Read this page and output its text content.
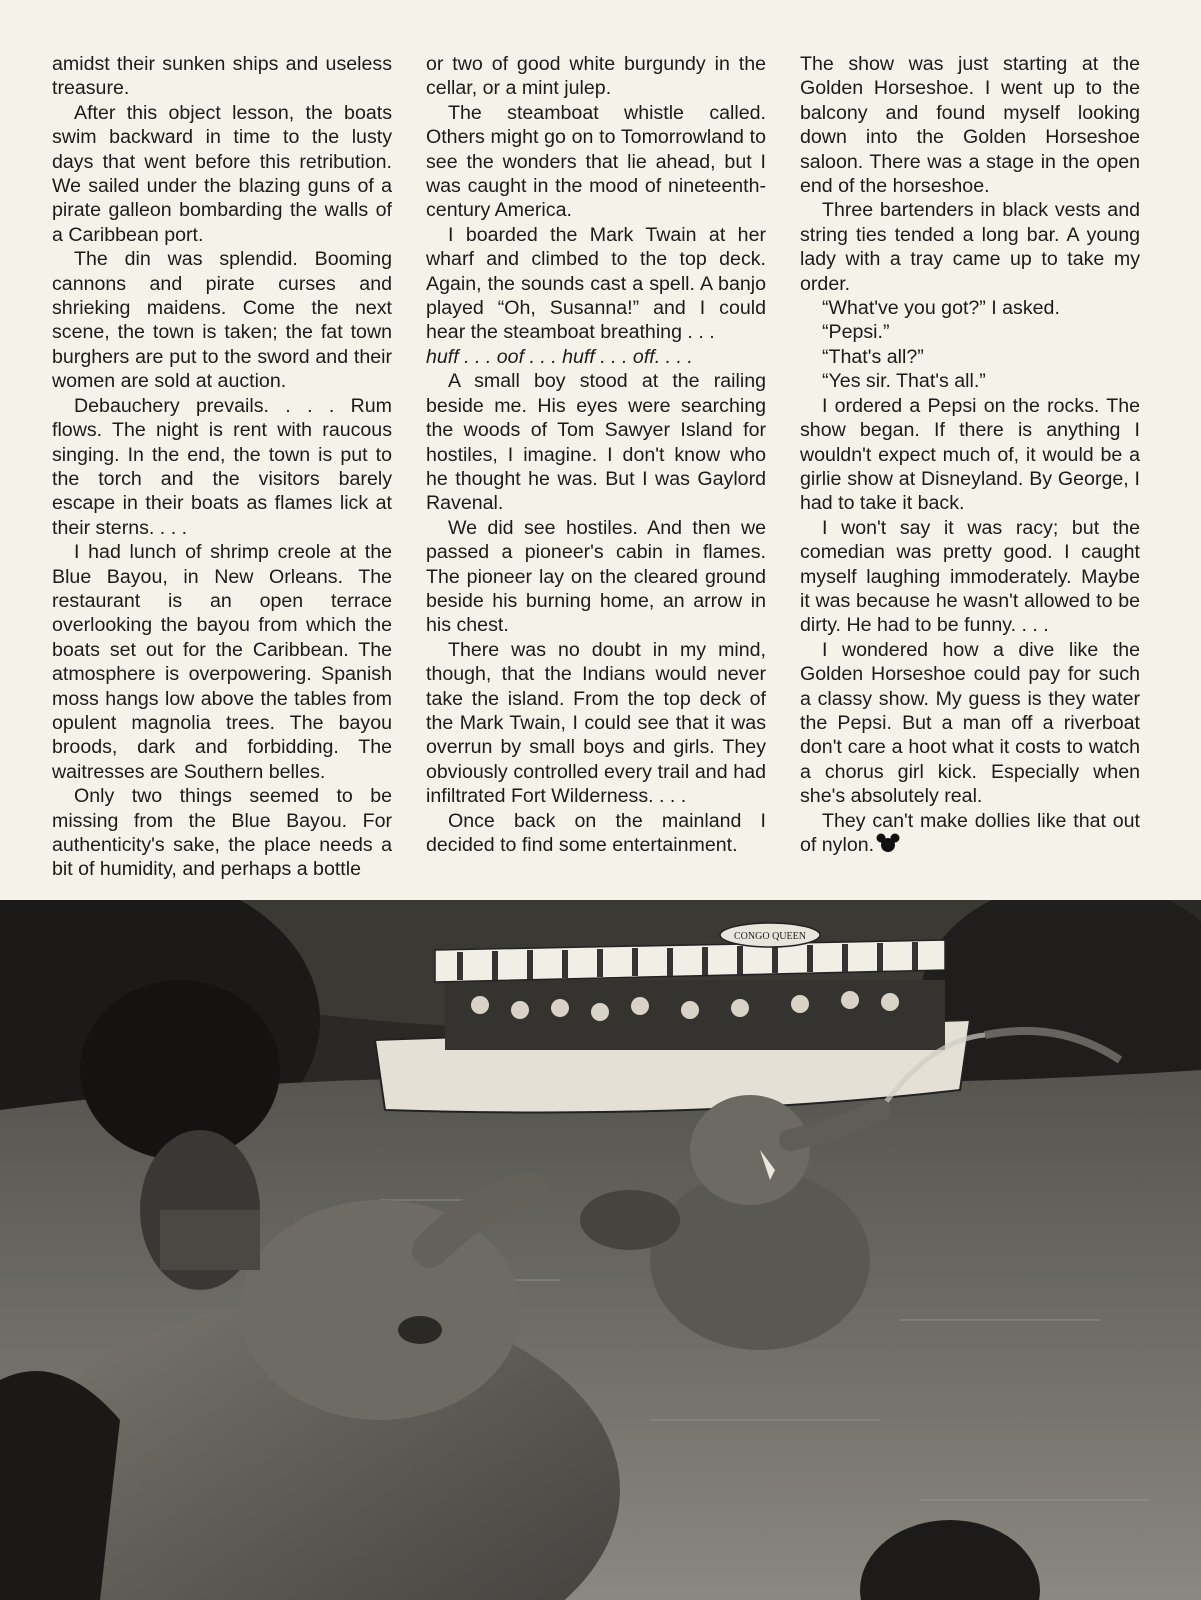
amidst their sunken ships and useless treasure.

After this object lesson, the boats swim backward in time to the lusty days that went before this retribution. We sailed under the blazing guns of a pirate galleon bombarding the walls of a Caribbean port.

The din was splendid. Booming cannons and pirate curses and shrieking maidens. Come the next scene, the town is taken; the fat town burghers are put to the sword and their women are sold at auction.

Debauchery prevails. . . . Rum flows. The night is rent with raucous singing. In the end, the town is put to the torch and the visitors barely escape in their boats as flames lick at their sterns. . . .

I had lunch of shrimp creole at the Blue Bayou, in New Orleans. The restaurant is an open terrace overlooking the bayou from which the boats set out for the Caribbean. The atmosphere is overpowering. Spanish moss hangs low above the tables from opulent magnolia trees. The bayou broods, dark and forbidding. The waitresses are Southern belles.

Only two things seemed to be missing from the Blue Bayou. For authenticity's sake, the place needs a bit of humidity, and perhaps a bottle

or two of good white burgundy in the cellar, or a mint julep.

The steamboat whistle called. Others might go on to Tomorrowland to see the wonders that lie ahead, but I was caught in the mood of nineteenth-century America.

I boarded the Mark Twain at her wharf and climbed to the top deck. Again, the sounds cast a spell. A banjo played “Oh, Susanna!” and I could hear the steamboat breathing . . .

huff . . . oof . . . huff . . . off. . . .

A small boy stood at the railing beside me. His eyes were searching the woods of Tom Sawyer Island for hostiles, I imagine. I don't know who he thought he was. But I was Gaylord Ravenal.

We did see hostiles. And then we passed a pioneer's cabin in flames. The pioneer lay on the cleared ground beside his burning home, an arrow in his chest.

There was no doubt in my mind, though, that the Indians would never take the island. From the top deck of the Mark Twain, I could see that it was overrun by small boys and girls. They obviously controlled every trail and had infiltrated Fort Wilderness. . . .

Once back on the mainland I decided to find some entertainment.

The show was just starting at the Golden Horseshoe. I went up to the balcony and found myself looking down into the Golden Horseshoe saloon. There was a stage in the open end of the horseshoe.

Three bartenders in black vests and string ties tended a long bar. A young lady with a tray came up to take my order.

“What've you got?” I asked.

“Pepsi.”

“That's all?”

“Yes sir. That's all.”

I ordered a Pepsi on the rocks. The show began. If there is anything I wouldn't expect much of, it would be a girlie show at Disneyland. By George, I had to take it back.

I won't say it was racy; but the comedian was pretty good. I caught myself laughing immoderately. Maybe it was because he wasn't allowed to be dirty. He had to be funny. . . .

I wondered how a dive like the Golden Horseshoe could pay for such a classy show. My guess is they water the Pepsi. But a man off a riverboat don't care a hoot what it costs to watch a chorus girl kick. Especially when she's absolutely real.

They can't make dollies like that out of nylon.

CONGO QUEEN
